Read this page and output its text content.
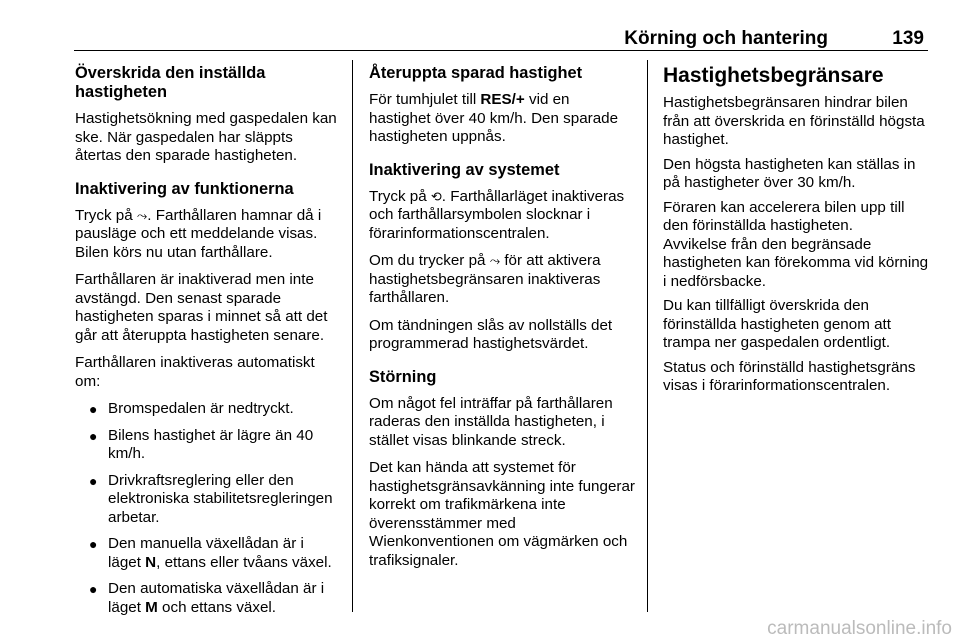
Körning och hantering	139
Överskrida den inställda hastigheten

Hastighetsökning med gaspedalen kan ske. När gaspedalen har släppts återtas den sparade hastigheten.

Inaktivering av funktionerna

Tryck på ⤳. Farthållaren hamnar då i pausläge och ett meddelande visas. Bilen körs nu utan farthållare.

Farthållaren är inaktiverad men inte avstängd. Den senast sparade hastigheten sparas i minnet så att det går att återuppta hastigheten senare.

Farthållaren inaktiveras automatiskt om:

● Bromspedalen är nedtryckt.
● Bilens hastighet är lägre än 40 km/h.
● Drivkraftsreglering eller den elektroniska stabilitetsregleringen arbetar.
● Den manuella växellådan är i läget N, ettans eller tvåans växel.
● Den automatiska växellådan är i läget M och ettans växel.
Återuppta sparad hastighet

För tumhjulet till RES/+ vid en hastighet över 40 km/h. Den sparade hastigheten uppnås.

Inaktivering av systemet

Tryck på ⟲. Farthållarläget inaktiveras och farthållarsymbolen slocknar i förarinformationscentralen.

Om du trycker på ⤳ för att aktivera hastighetsbegränsaren inaktiveras farthållaren.

Om tändningen slås av nollställs det programmerad hastighetsvärdet.

Störning

Om något fel inträffar på farthållaren raderas den inställda hastigheten, i stället visas blinkande streck.

Det kan hända att systemet för hastighetsgränsavkänning inte fungerar korrekt om trafikmärkena inte överensstämmer med Wienkonventionen om vägmärken och trafiksignaler.

Hastighetsbegränsare

Hastighetsbegränsaren hindrar bilen från att överskrida en förinställd högsta hastighet.

Den högsta hastigheten kan ställas in på hastigheter över 30 km/h.

Föraren kan accelerera bilen upp till den förinställda hastigheten.

Avvikelse från den begränsade hastigheten kan förekomma vid körning i nedförsbacke.

Du kan tillfälligt överskrida den förinställda hastigheten genom att trampa ner gaspedalen ordentligt.

Status och förinställd hastighetsgräns visas i förarinformationscentralen.

carmanualsonline.info
